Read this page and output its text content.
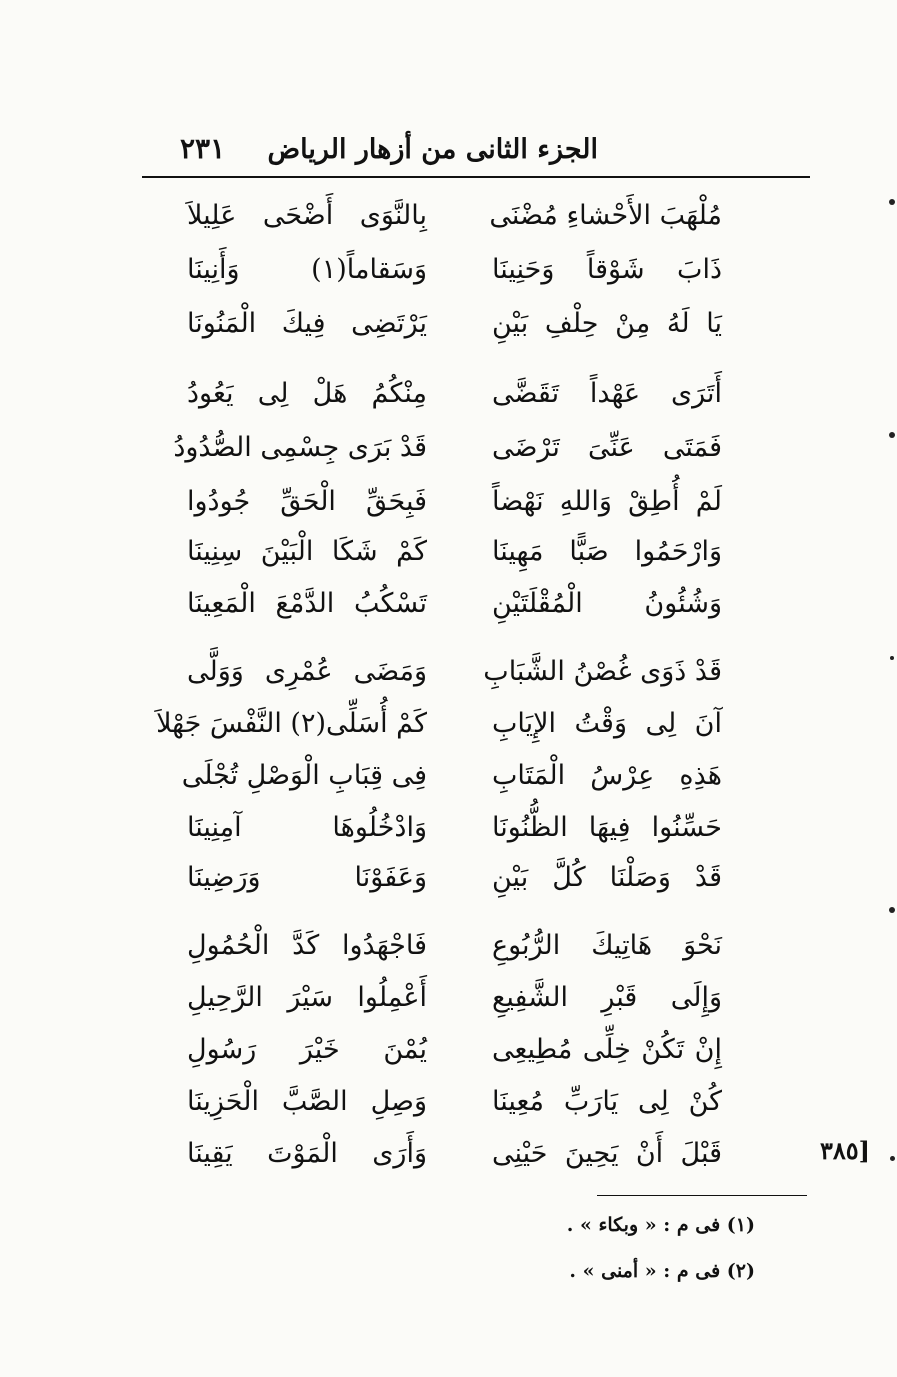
الجزء الثانى من أزهار الرياض
٢٣١
مُلْهَبَ الأَحْشاءِ مُضْنَى
بِالنَّوَى أَضْحَى عَلِيلاَ
ذَابَ شَوْقاً وَحَنِينَا
وَسَقاماً(١) وَأَنِينَا
يَا لَهُ مِنْ حِلْفِ بَيْنِ
يَرْتَضِى فِيكَ الْمَنُونَا
أَتَرَى عَهْداً تَقَضَّى
مِنْكُمُ هَلْ لِى يَعُودُ
فَمَتَى عَنِّىَ تَرْضَى
قَدْ بَرَى جِسْمِى الصُّدُودُ
لَمْ أُطِقْ وَاللهِ نَهْضاً
فَبِحَقِّ الْحَقِّ جُودُوا
وَارْحَمُوا صَبًّا مَهِينَا
كَمْ شَكَا الْبَيْنَ سِنِينَا
وَشُئُونُ الْمُقْلَتَيْنِ
تَسْكُبُ الدَّمْعَ الْمَعِينَا
قَدْ ذَوَى غُصْنُ الشَّبَابِ
وَمَضَى عُمْرِى وَوَلَّى
آنَ لِى وَقْتُ الإِيَابِ
كَمْ أُسَلِّى(٢) النَّفْسَ جَهْلاَ
هَذِهِ عِرْسُ الْمَتَابِ
فِى قِبَابِ الْوَصْلِ تُجْلَى
حَسِّنُوا فِيهَا الظُّنُونَا
وَادْخُلُوهَا آمِنِينَا
قَدْ وَصَلْنَا كُلَّ بَيْنِ
وَعَفَوْنَا وَرَضِينَا
نَحْوَ هَاتِيكَ الرُّبُوعِ
فَاجْهَدُوا كَدَّ الْحُمُولِ
وَإِلَى قَبْرِ الشَّفِيعِ
أَعْمِلُوا سَيْرَ الرَّحِيلِ
إِنْ تَكُنْ خِلِّى مُطِيعِى
يُمْنَ خَيْرَ رَسُولِ
كُنْ لِى يَارَبِّ مُعِينَا
وَصِلِ الصَّبَّ الْحَزِينَا
قَبْلَ أَنْ يَحِينَ حَيْنِى
وَأَرَى الْمَوْتَ يَقِينَا	[٣٨٥
(١) فى م : « وبكاء » .
(٢) فى م : « أمنى » .
